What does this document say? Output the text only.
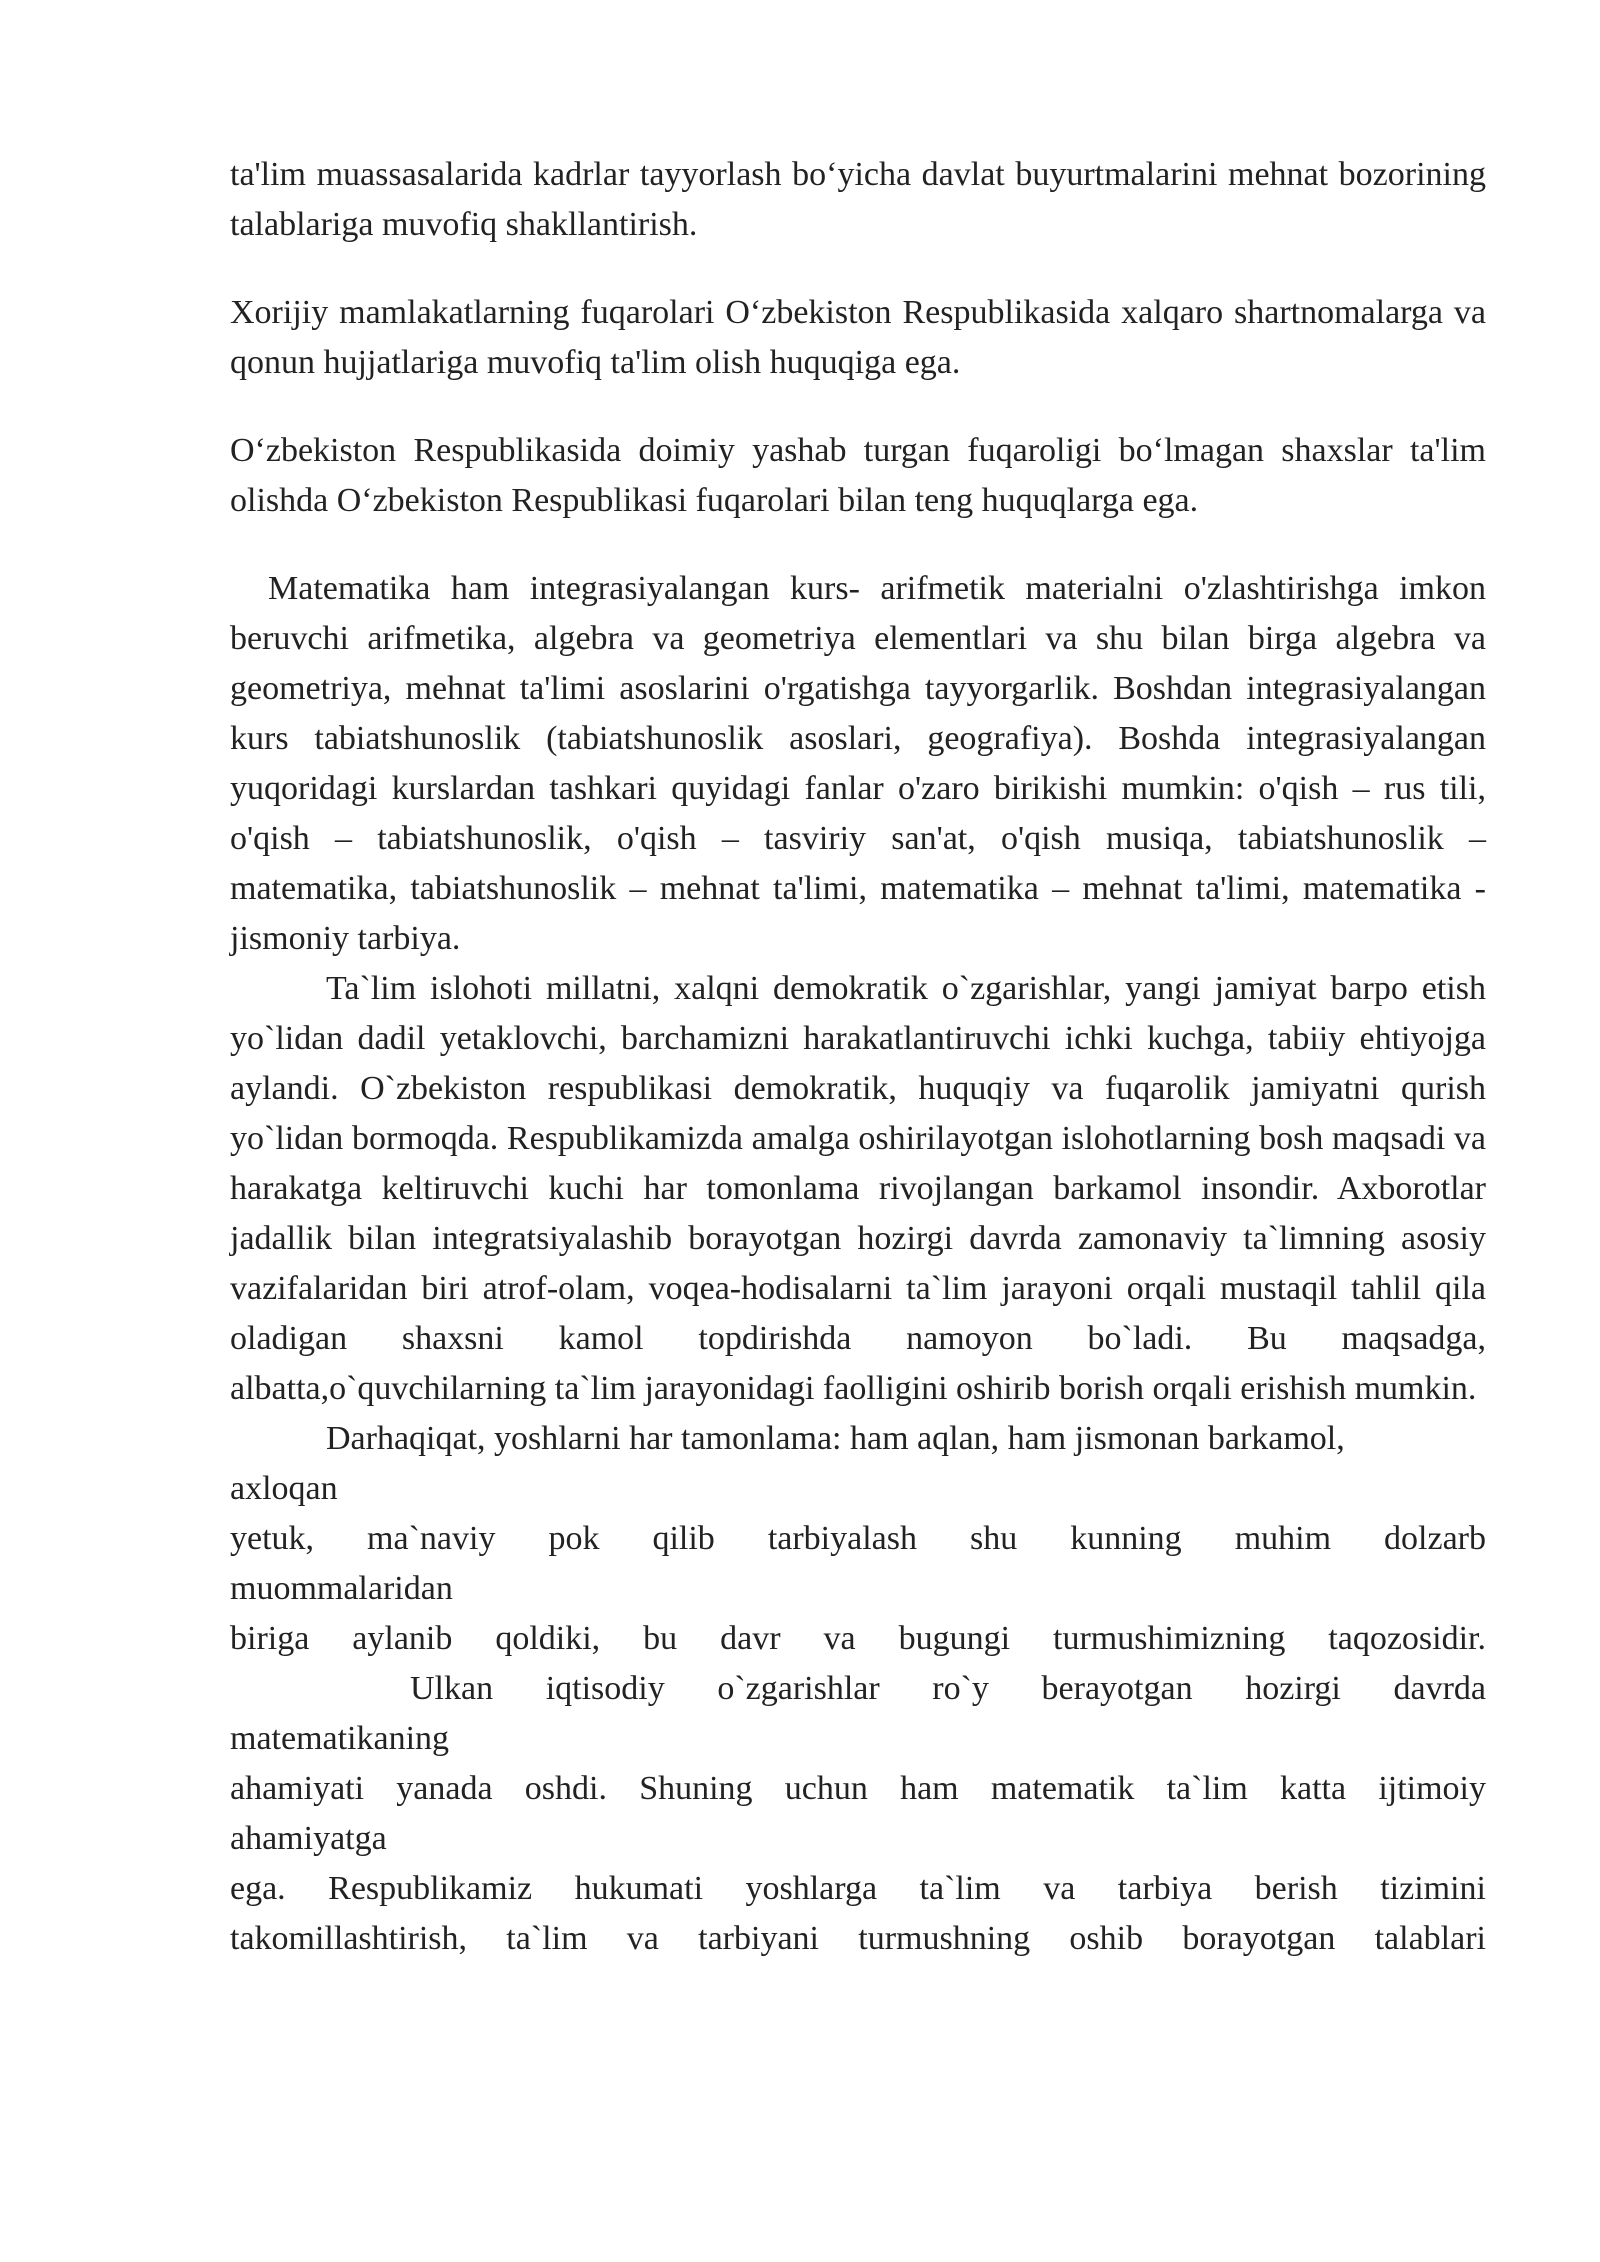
ta'lim muassasalarida kadrlar tayyorlash bo‘yicha davlat buyurtmalarini mehnat bozorining talablariga muvofiq shakllantirish.

Xorijiy mamlakatlarning fuqarolari O‘zbekiston Respublikasida xalqaro shartnomalarga va qonun hujjatlariga muvofiq ta'lim olish huquqiga ega.

O‘zbekiston Respublikasida doimiy yashab turgan fuqaroligi bo‘lmagan shaxslar ta'lim olishda O‘zbekiston Respublikasi fuqarolari bilan teng huquqlarga ega.

Matematika ham integrasiyalangan kurs- arifmetik materialni o'zlashtirishga imkon beruvchi arifmetika, algebra va geometriya elementlari va shu bilan birga algebra va geometriya, mehnat ta'limi asoslarini o'rgatishga tayyorgarlik. Boshdan integrasiyalangan kurs tabiatshunoslik (tabiatshunoslik asoslari, geografiya). Boshda integrasiyalangan yuqoridagi kurslardan tashkari quyidagi fanlar o'zaro birikishi mumkin: o'qish – rus tili, o'qish – tabiatshunoslik, o'qish – tasviriy san'at, o'qish musiqa, tabiatshunoslik – matematika, tabiatshunoslik – mehnat ta'limi, matematika – mehnat ta'limi, matematika - jismoniy tarbiya.

Ta`lim islohoti millatni, xalqni demokratik o`zgarishlar, yangi jamiyat barpo etish yo`lidan dadil yetaklovchi, barchamizni harakatlantiruvchi ichki kuchga, tabiiy ehtiyojga aylandi. O`zbekiston respublikasi demokratik, huquqiy va fuqarolik jamiyatni qurish yo`lidan bormoqda. Respublikamizda amalga oshirilayotgan islohotlarning bosh maqsadi va harakatga keltiruvchi kuchi har tomonlama rivojlangan barkamol insondir. Axborotlar jadallik bilan integratsiyalashib borayotgan hozirgi davrda zamonaviy ta`limning asosiy vazifalaridan biri atrof-olam, voqea-hodisalarni ta`lim jarayoni orqali mustaqil tahlil qila oladigan shaxsni kamol topdirishda namoyon bo`ladi. Bu maqsadga, albatta,o`quvchilarning ta`lim jarayonidagi faolligini oshirib borish orqali erishish mumkin.

Darhaqiqat, yoshlarni har tamonlama: ham aqlan, ham jismonan barkamol,
axloqan
yetuk, ma`naviy pok qilib tarbiyalash shu kunning muhim dolzarb
muommalaridan
biriga aylanib qoldiki, bu davr va bugungi turmushimizning taqozosidir.
Ulkan iqtisodiy o`zgarishlar ro`y berayotgan hozirgi davrda
matematikaning
ahamiyati yanada oshdi. Shuning uchun ham matematik ta`lim katta ijtimoiy
ahamiyatga
ega. Respublikamiz hukumati yoshlarga ta`lim va tarbiya berish tizimini
takomillashtirish, ta`lim va tarbiyani turmushning oshib borayotgan talablari
